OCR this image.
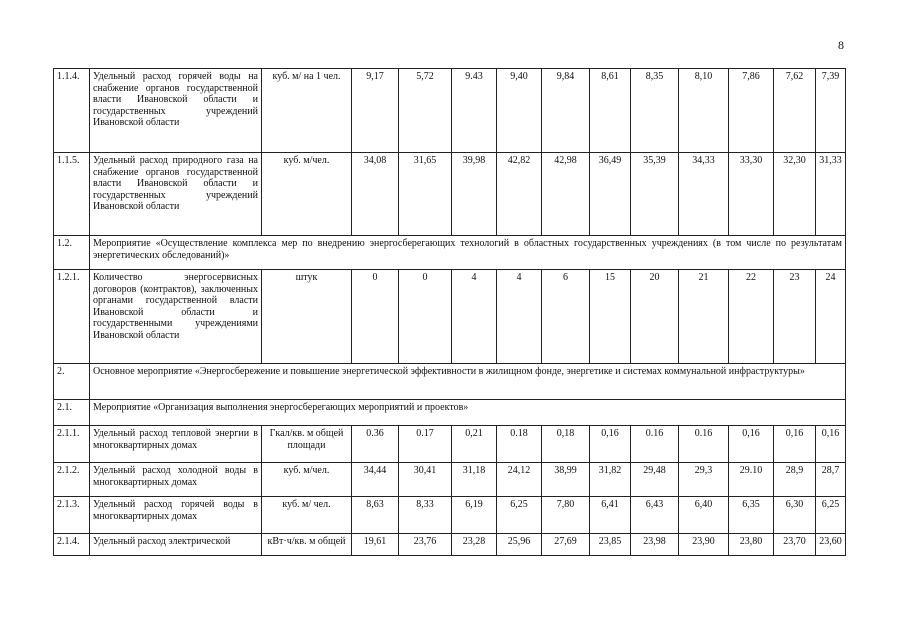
8
1.1.4.	Удельный расход горячей воды на снабжение органов государственной власти Ивановской области и государственных учреждений Ивановской области	куб. м/ на 1 чел.	9,17	5,72	9.43	9,40	9,84	8,61	8,35	8,10	7,86	7,62	7,39
1.1.5.	Удельный расход природного газа на снабжение органов государственной власти Ивановской области и государственных учреждений Ивановской области	куб. м/чел.	34,08	31,65	39,98	42,82	42,98	36,49	35,39	34,33	33,30	32,30	31,33
1.2.	Мероприятие «Осуществление комплекса мер по внедрению энергосберегающих технологий в областных государственных учреждениях (в том числе по результатам энергетических обследований)»												
1.2.1.	Количество энергосервисных договоров (контрактов), заключенных органами государственной власти Ивановской области и государственными учреждениями Ивановской области	штук	0	0	4	4	6	15	20	21	22	23	24
2.	Основное мероприятие «Энергосбережение и повышение энергетической эффективности в жилищном фонде, энергетике и системах коммунальной инфраструктуры»												
2.1.	Мероприятие «Организация выполнения энергосберегающих мероприятий и проектов»												
2.1.1.	Удельный расход тепловой энергии в многоквартирных домах	Гкал/кв. м общей площади	0.36	0.17	0,21	0.18	0,18	0,16	0.16	0.16	0,16	0,16	0,16
2.1.2.	Удельный расход холодной воды в многоквартирных домах	куб. м/чел.	34,44	30,41	31,18	24,12	38,99	31,82	29,48	29,3	29.10	28,9	28,7
2.1.3.	Удельный расход горячей воды в многоквартирных домах	куб. м/ чел.	8,63	8,33	6,19	6,25	7,80	6,41	6,43	6,40	6,35	6,30	6,25
2.1.4.	Удельный расход электрической	кВт·ч/кв. м общей	19,61	23,76	23,28	25,96	27,69	23,85	23,98	23,90	23,80	23,70	23,60
